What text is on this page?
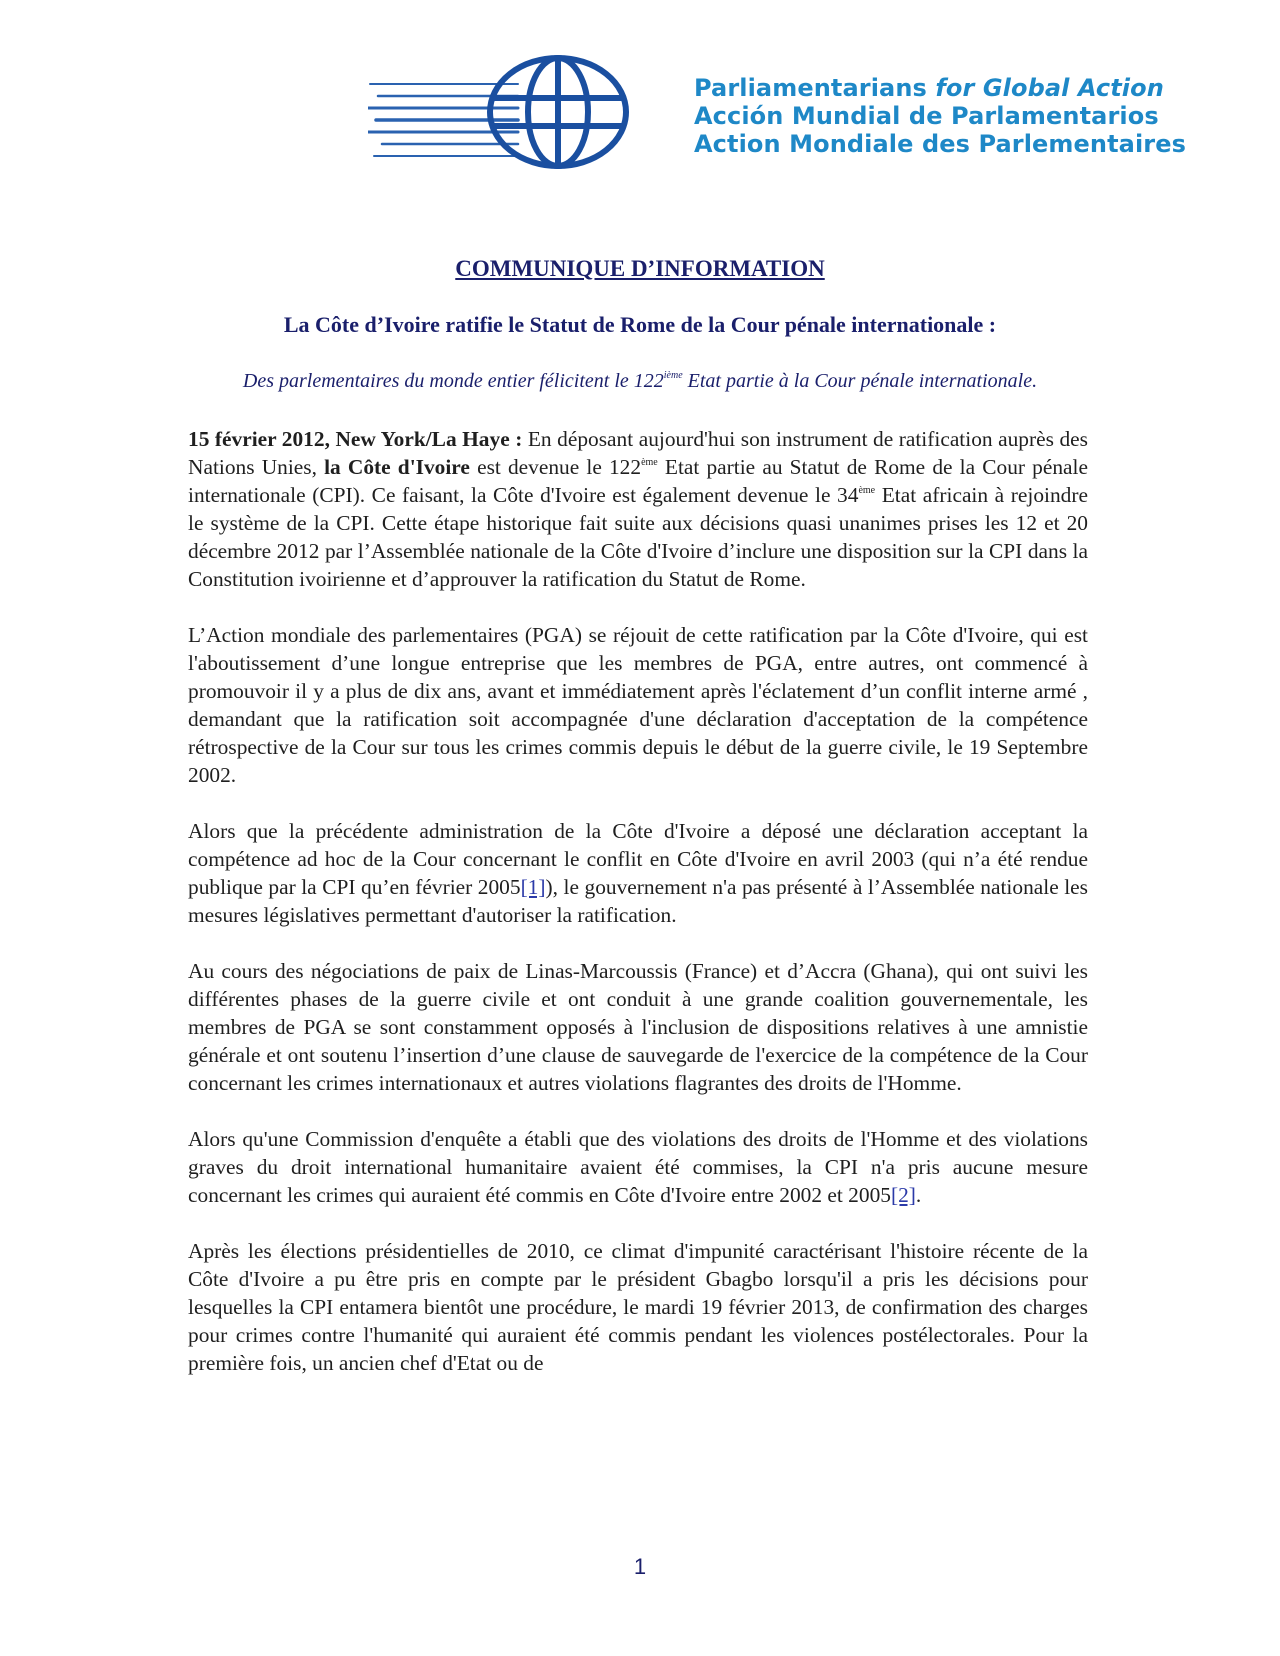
Parliamentarians for Global Action
Acción Mundial de Parlamentarios
Action Mondiale des Parlementaires
COMMUNIQUE D’INFORMATION
La Côte d’Ivoire ratifie le Statut de Rome de la Cour pénale internationale :
Des parlementaires du monde entier félicitent le 122ième Etat partie à la Cour pénale internationale.

15 février 2012, New York/La Haye : En déposant aujourd'hui son instrument de ratification auprès des Nations Unies, la Côte d'Ivoire est devenue le 122ème Etat partie au Statut de Rome de la Cour pénale internationale (CPI). Ce faisant, la Côte d'Ivoire est également devenue le 34ème Etat africain à rejoindre le système de la CPI. Cette étape historique fait suite aux décisions quasi unanimes prises les 12 et 20 décembre 2012 par l’Assemblée nationale de la Côte d'Ivoire d’inclure une disposition sur la CPI dans la Constitution ivoirienne et d’approuver la ratification du Statut de Rome.

L’Action mondiale des parlementaires (PGA) se réjouit de cette ratification par la Côte d'Ivoire, qui est l'aboutissement d’une longue entreprise que les membres de PGA, entre autres, ont commencé à promouvoir il y a plus de dix ans, avant et immédiatement après l'éclatement d’un conflit interne armé , demandant que la ratification soit accompagnée d'une déclaration d'acceptation de la compétence rétrospective de la Cour sur tous les crimes commis depuis le début de la guerre civile, le 19 Septembre 2002.

Alors que la précédente administration de la Côte d'Ivoire a déposé une déclaration acceptant la compétence ad hoc de la Cour concernant le conflit en Côte d'Ivoire en avril 2003 (qui n’a été rendue publique par la CPI qu’en février 2005[1]), le gouvernement n'a pas présenté à l’Assemblée nationale les mesures législatives permettant d'autoriser la ratification.

Au cours des négociations de paix de Linas-Marcoussis (France) et d’Accra (Ghana), qui ont suivi les différentes phases de la guerre civile et ont conduit à une grande coalition gouvernementale, les membres de PGA se sont constamment opposés à l'inclusion de dispositions relatives à une amnistie générale et ont soutenu l’insertion d’une clause de sauvegarde de l'exercice de la compétence de la Cour concernant les crimes internationaux et autres violations flagrantes des droits de l'Homme.

Alors qu'une Commission d'enquête a établi que des violations des droits de l'Homme et des violations graves du droit international humanitaire avaient été commises, la CPI n'a pris aucune mesure concernant les crimes qui auraient été commis en Côte d'Ivoire entre 2002 et 2005[2].

Après les élections présidentielles de 2010, ce climat d'impunité caractérisant l'histoire récente de la Côte d'Ivoire a pu être pris en compte par le président Gbagbo lorsqu'il a pris les décisions pour lesquelles la CPI entamera bientôt une procédure, le mardi 19 février 2013, de confirmation des charges pour crimes contre l'humanité qui auraient été commis pendant les violences postélectorales. Pour la première fois, un ancien chef d'Etat ou de

1
